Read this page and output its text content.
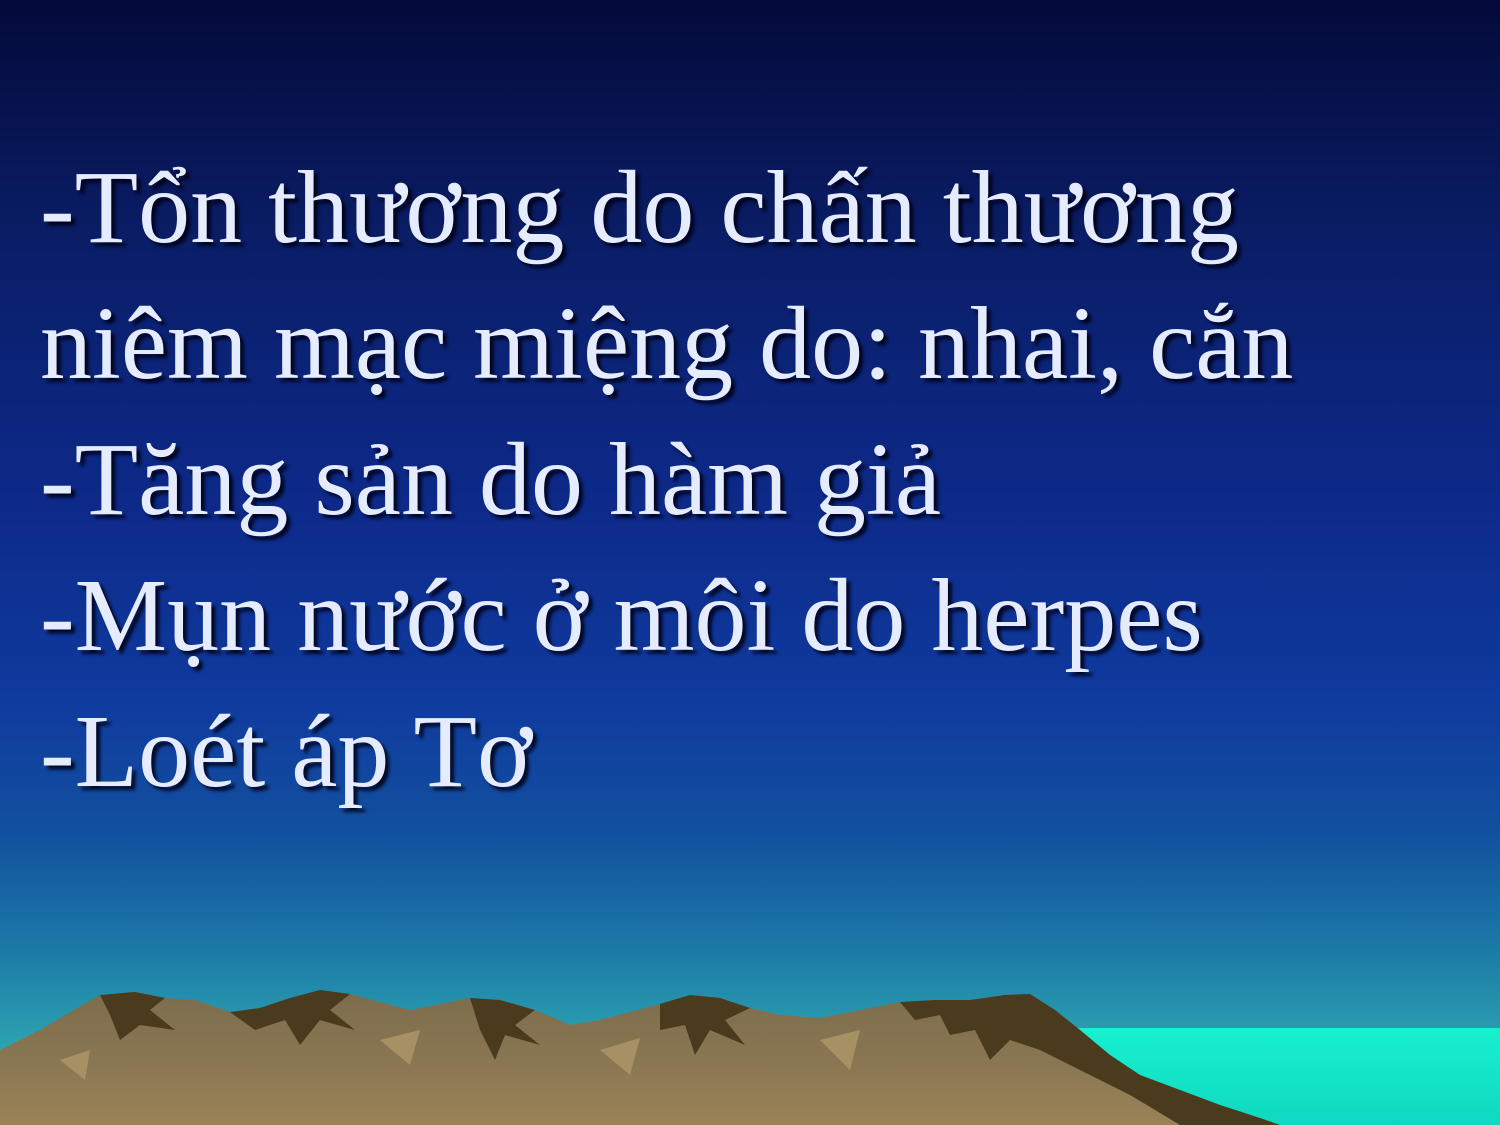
-Tổn thương do chấn thương niêm mạc miệng do: nhai, cắn
-Tăng sản do hàm giả
-Mụn nước ở môi do herpes
-Loét áp Tơ
